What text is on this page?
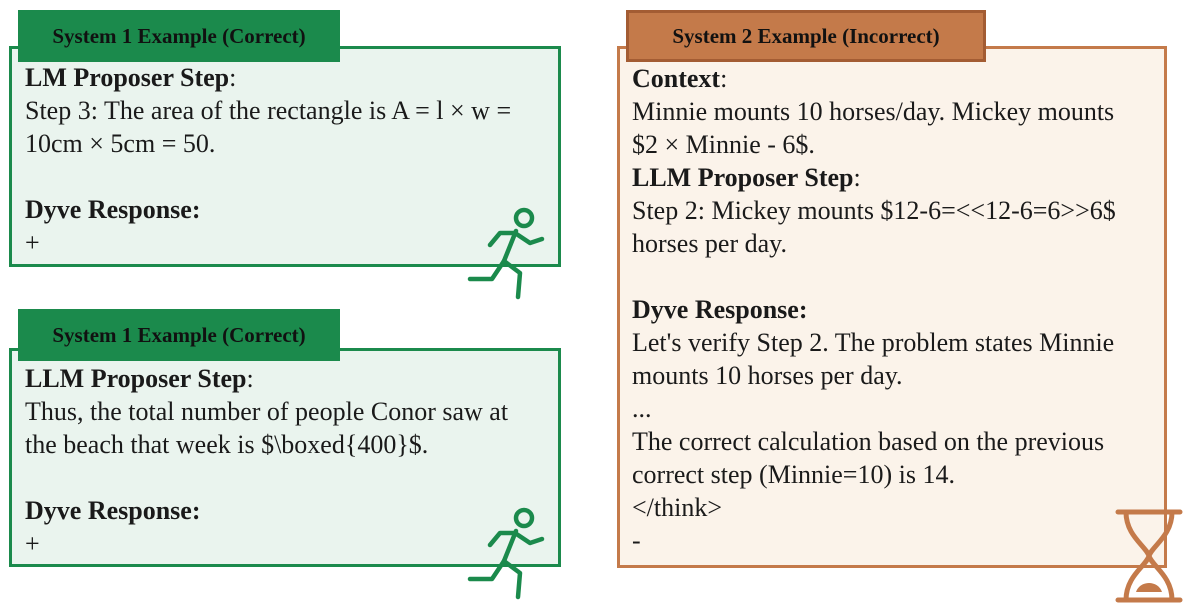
System 1 Example (Correct)
LM Proposer Step:
Step 3: The area of the rectangle is A = l × w =
10cm × 5cm = 50.
Dyve Response:
+
System 1 Example (Correct)
LLM Proposer Step:
Thus, the total number of people Conor saw at
the beach that week is $\boxed{400}$.
Dyve Response:
+
System 2 Example (Incorrect)
Context:
Minnie mounts 10 horses/day. Mickey mounts
$2 × Minnie - 6$.
LLM Proposer Step:
Step 2: Mickey mounts $12-6=<<12-6=6>>6$
horses per day.
Dyve Response:
Let's verify Step 2. The problem states Minnie
mounts 10 horses per day.
...
The correct calculation based on the previous
correct step (Minnie=10) is 14.
</think>
-
